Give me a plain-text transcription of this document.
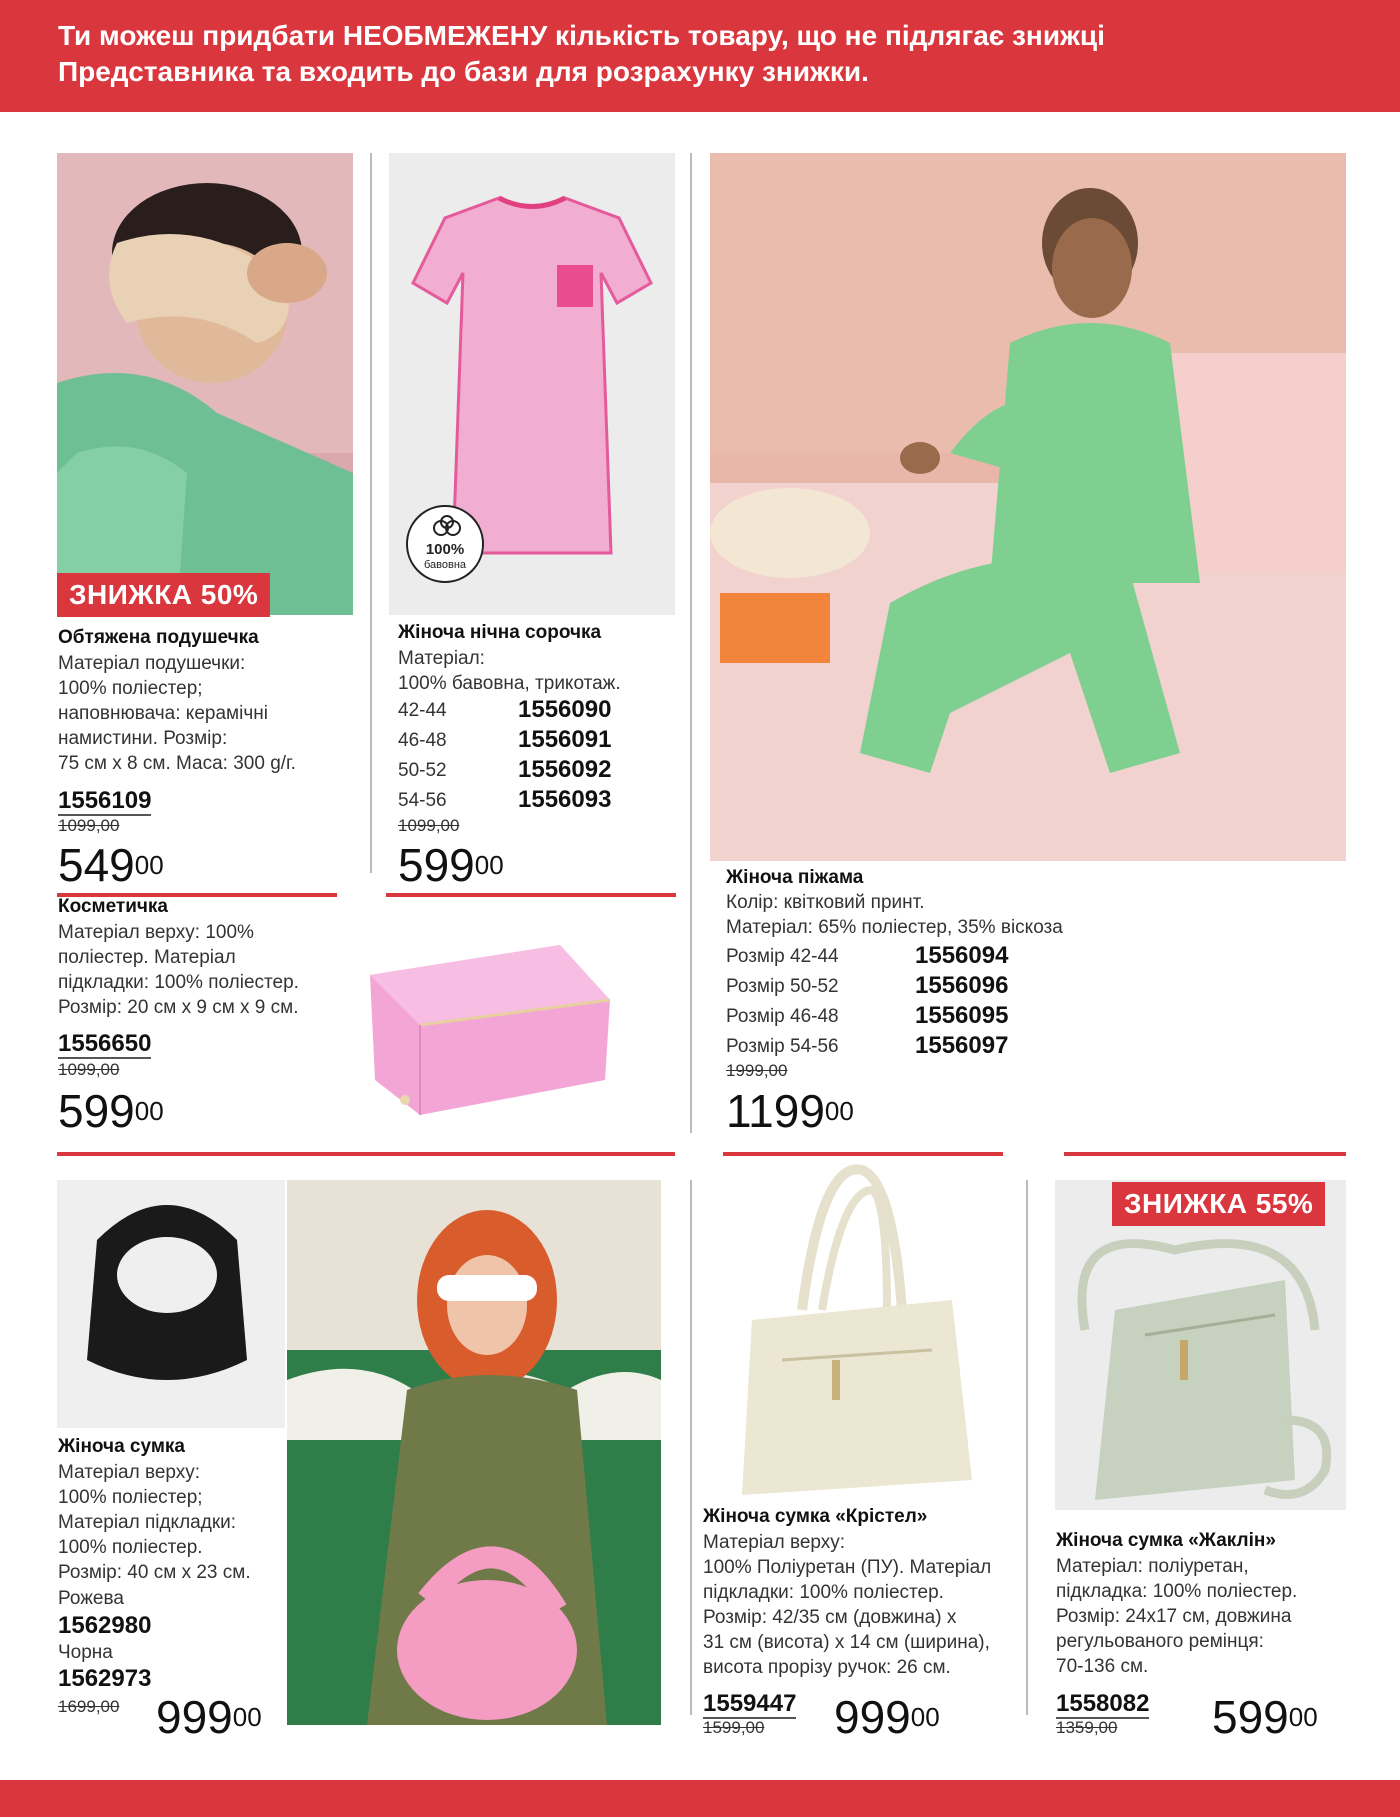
Ти можеш придбати НЕОБМЕЖЕНУ кількість товару, що не підлягає знижці
Представника та входить до бази для розрахунку знижки.
ЗНИЖКА 50%
Обтяжена подушечка
Матеріал подушечки:
100% поліестер;
наповнювача: керамічні
намистини. Розмір:
75 см х 8 см. Маса: 300 g/г.
1556109
1099,00
$549^{00}$
100%
бавовна
Жіноча нічна сорочка
Матеріал:
100% бавовна, трикотаж.
42-44	1556090
46-48	1556091
50-52	1556092
54-56	1556093
1099,00
$599^{00}$
Косметичка
Матеріал верху: 100%
поліестер. Матеріал
підкладки: 100% поліестер.
Розмір: 20 см х 9 см х 9 см.
1556650
1099,00
$599^{00}$
Жіноча піжама
Колір: квітковий принт.
Матеріал: 65% поліестер, 35% віскоза
Розмір 42-44	1556094
Розмір 50-52	1556096
Розмір 46-48	1556095
Розмір 54-56	1556097
1999,00
1199$^{00}$
Жіноча сумка
Матеріал верху:
100% поліестер;
Матеріал підкладки:
100% поліестер.
Розмір: 40 см х 23 см.
Рожева
1562980
Чорна
1562973
1699,00 $999^{00}$
Жіноча сумка «Крістел»
Матеріал верху:
100% Поліуретан (ПУ). Матеріал
підкладки: 100% поліестер.
Розмір: 42/35 см (довжина) х
31 см (висота) х 14 см (ширина),
висота прорізу ручок: 26 см.
1559447
1599,00 $999^{00}$
ЗНИЖКА 55%
Жіноча сумка «Жаклін»
Матеріал: поліуретан,
підкладка: 100% поліестер.
Розмір: 24х17 см, довжина
регульованого ремінця:
70-136 см.
1558082
1359,00 $599^{00}$
